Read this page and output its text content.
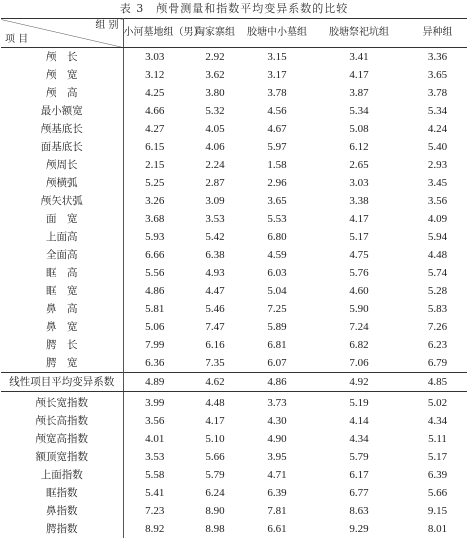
表 3　颅骨测量和指数平均变异系数的比较
组 别
项 目	小河墓地组（男）	陶家寨组	胶塘中小墓组	胶塘祭祀坑组	异种组
颅　长	3.03	2.92	3.15	3.41	3.36
颅　宽	3.12	3.62	3.17	4.17	3.65
颅　高	4.25	3.80	3.78	3.87	3.78
最小额宽	4.66	5.32	4.56	5.34	5.34
颅基底长	4.27	4.05	4.67	5.08	4.24
面基底长	6.15	4.06	5.97	6.12	5.40
颅周长	2.15	2.24	1.58	2.65	2.93
颅横弧	5.25	2.87	2.96	3.03	3.45
颅矢状弧	3.26	3.09	3.65	3.38	3.56
面　宽	3.68	3.53	5.53	4.17	4.09
上面高	5.93	5.42	6.80	5.17	5.94
全面高	6.66	6.38	4.59	4.75	4.48
眶　高	5.56	4.93	6.03	5.76	5.74
眶　宽	4.86	4.47	5.04	4.60	5.28
鼻　高	5.81	5.46	7.25	5.90	5.83
鼻　宽	5.06	7.47	5.89	7.24	7.26
腭　长	7.99	6.16	6.81	6.82	6.23
腭　宽	6.36	7.35	6.07	7.06	6.79
线性项目平均变异系数	4.89	4.62	4.86	4.92	4.85
颅长宽指数	3.99	4.48	3.73	5.19	5.02
颅长高指数	3.56	4.17	4.30	4.14	4.34
颅宽高指数	4.01	5.10	4.90	4.34	5.11
额顶宽指数	3.53	5.66	3.95	5.79	5.17
上面指数	5.58	5.79	4.71	6.17	6.39
眶指数	5.41	6.24	6.39	6.77	5.66
鼻指数	7.23	8.90	7.81	8.63	9.15
腭指数	8.92	8.98	6.61	9.29	8.01
